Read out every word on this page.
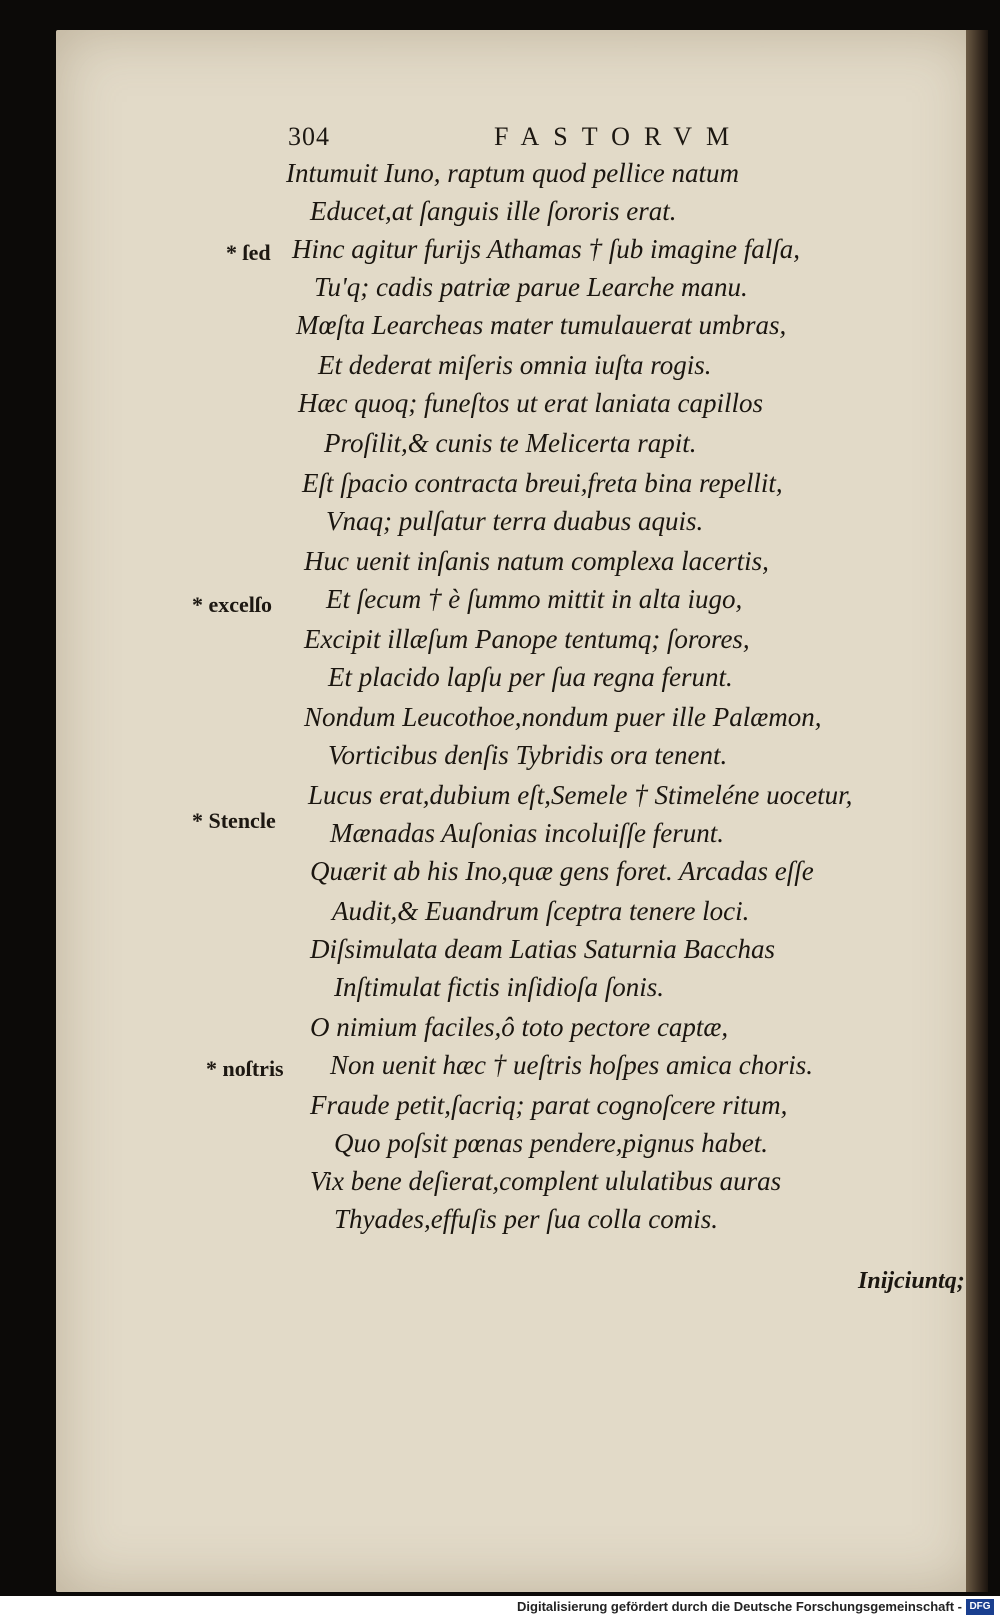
304	FASTORVM
Intumuit Iuno, raptum quod pellice natum
Educet,at ſanguis ille ſororis erat.
Hinc agitur furijs Athamas † ſub imagine falſa,
Tu'q; cadis patriæ parue Learche manu.
Mœſta Learcheas mater tumulauerat umbras,
Et dederat miſeris omnia iuſta rogis.
Hæc quoq; funeſtos ut erat laniata capillos
Proſilit,& cunis te Melicerta rapit.
Eſt ſpacio contracta breui,freta bina repellit,
Vnaq; pulſatur terra duabus aquis.
Huc uenit inſanis natum complexa lacertis,
Et ſecum † è ſummo mittit in alta iugo,
Excipit illæſum Panope tentumq; ſorores,
Et placido lapſu per ſua regna ferunt.
Nondum Leucothoe,nondum puer ille Palæmon,
Vorticibus denſis Tybridis ora tenent.
Lucus erat,dubium eſt,Semele † Stimeléne uocetur,
Mænadas Auſonias incoluiſſe ferunt.
Quærit ab his Ino,quæ gens foret. Arcadas eſſe
Audit,& Euandrum ſceptra tenere loci.
Diſsimulata deam Latias Saturnia Bacchas
Inſtimulat fictis inſidioſa ſonis.
O nimium faciles,ô toto pectore captæ,
Non uenit hæc † ueſtris hoſpes amica choris.
Fraude petit,ſacriq; parat cognoſcere ritum,
Quo poſsit pœnas pendere,pignus habet.
Vix bene deſierat,complent ululatibus auras
Thyades,effuſis per ſua colla comis.
* ſed
* excelſo
* Stencle
* noſtris
Inijciuntq;
Digitalisierung gefördert durch die Deutsche Forschungsgemeinschaft - DFG
